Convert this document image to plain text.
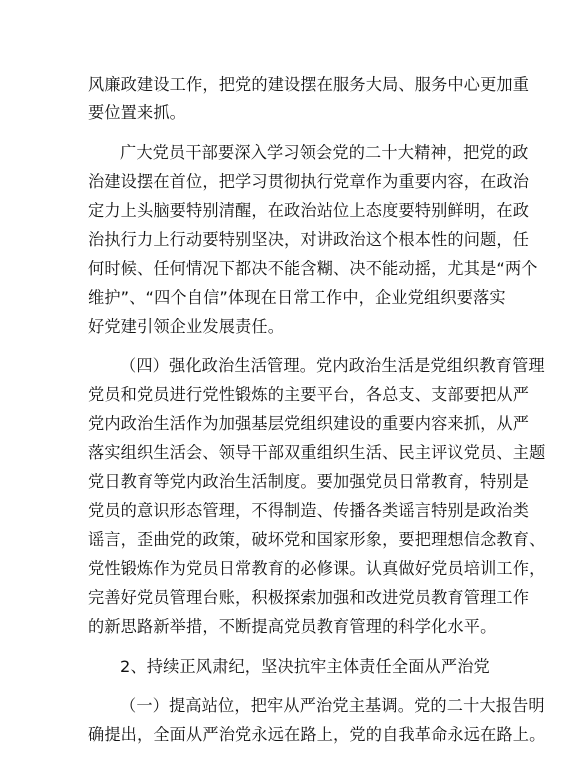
风廉政建设工作，把党的建设摆在服务大局、服务中心更加重
要位置来抓。
广大党员干部要深入学习领会党的二十大精神，把党的政
治建设摆在首位，把学习贯彻执行党章作为重要内容，在政治
定力上头脑要特别清醒，在政治站位上态度要特别鲜明，在政
治执行力上行动要特别坚决，对讲政治这个根本性的问题，任
何时候、任何情况下都决不能含糊、决不能动摇，尤其是“两个
维护”、“四个自信”体现在日常工作中，企业党组织要落实
好党建引领企业发展责任。
（四）强化政治生活管理。党内政治生活是党组织教育管理
党员和党员进行党性锻炼的主要平台，各总支、支部要把从严
党内政治生活作为加强基层党组织建设的重要内容来抓，从严
落实组织生活会、领导干部双重组织生活、民主评议党员、主题
党日教育等党内政治生活制度。要加强党员日常教育，特别是
党员的意识形态管理，不得制造、传播各类谣言特别是政治类
谣言，歪曲党的政策，破坏党和国家形象，要把理想信念教育、
党性锻炼作为党员日常教育的必修课。认真做好党员培训工作，
完善好党员管理台账，积极探索加强和改进党员教育管理工作
的新思路新举措，不断提高党员教育管理的科学化水平。
2、持续正风肃纪，坚决抗牢主体责任全面从严治党
（一）提高站位，把牢从严治党主基调。党的二十大报告明
确提出，全面从严治党永远在路上，党的自我革命永远在路上。
